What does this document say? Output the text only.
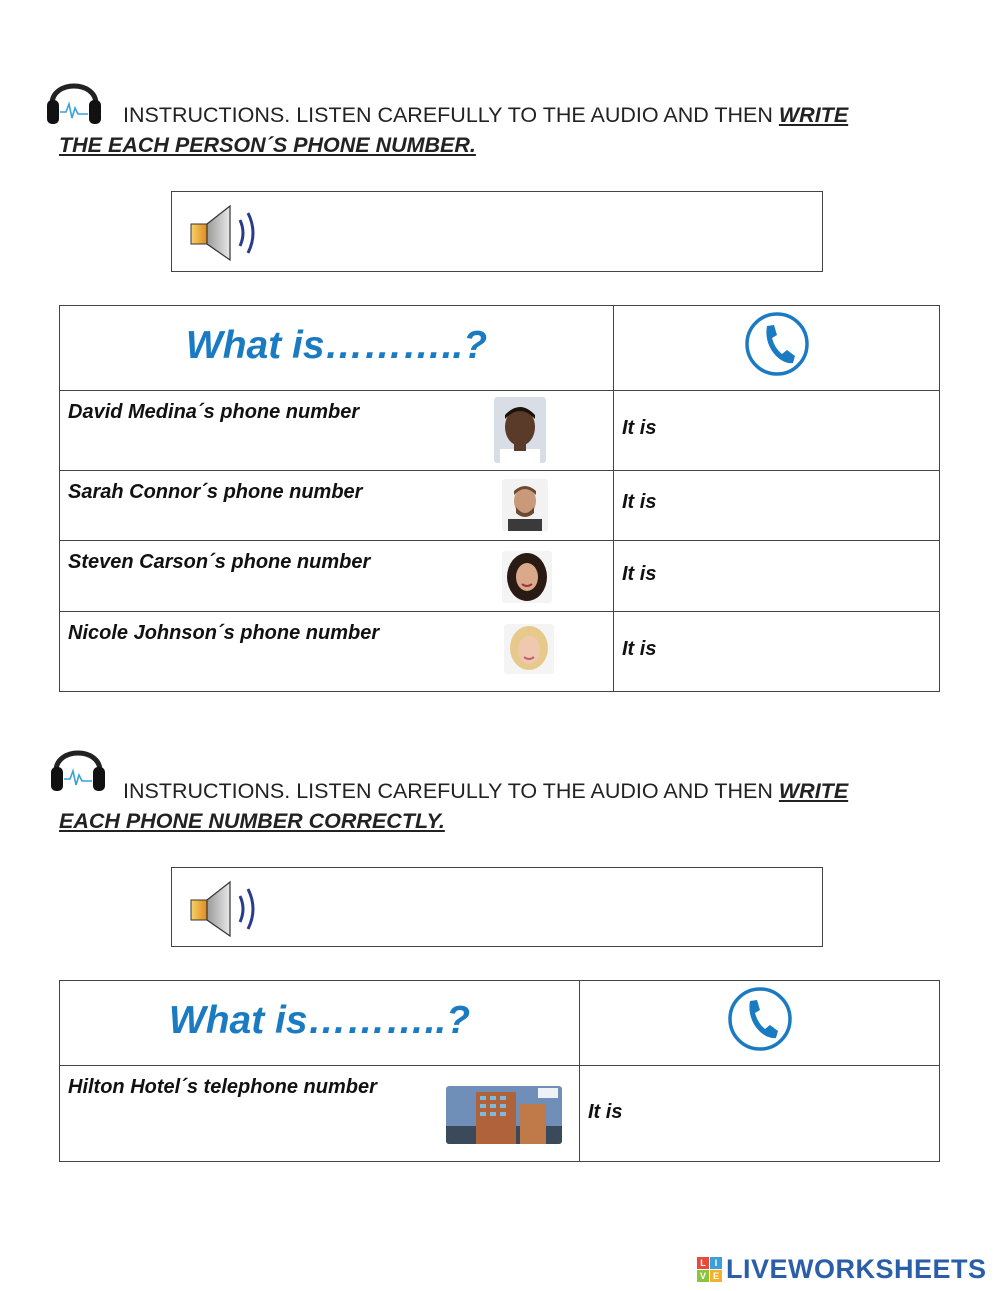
INSTRUCTIONS. LISTEN CAREFULLY TO THE AUDIO AND THEN WRITE
THE EACH PERSON´S PHONE NUMBER.
What is………..?

David Medina´s phone number	It is

Sarah Connor´s phone number	It is

Steven Carson´s phone number	It is

Nicole Johnson´s phone number	It is
INSTRUCTIONS. LISTEN CAREFULLY TO THE AUDIO AND THEN WRITE
EACH PHONE NUMBER CORRECTLY.
What is………..?

Hilton Hotel´s telephone number	It is
L I
V E LIVEWORKSHEETS
